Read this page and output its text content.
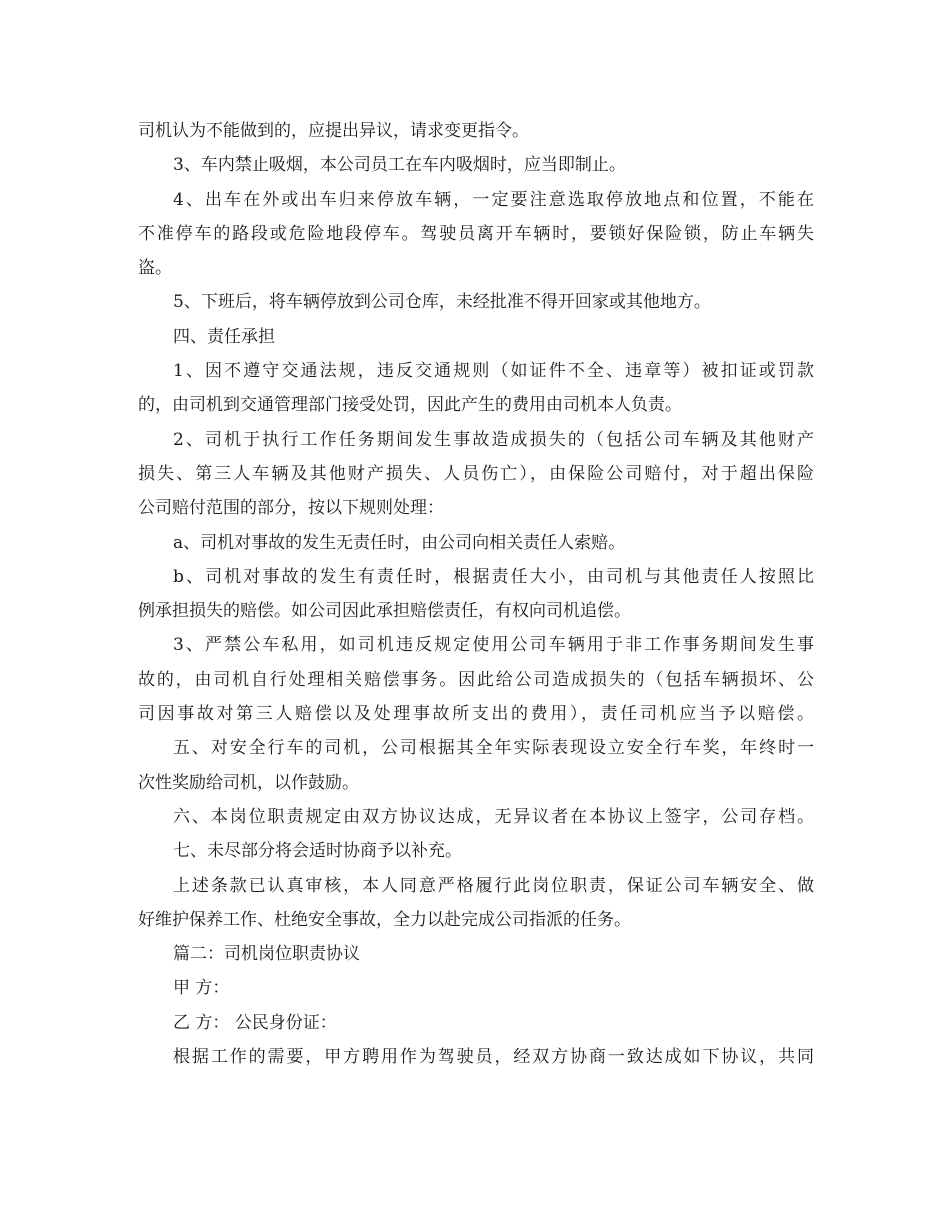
司机认为不能做到的，应提出异议，请求变更指令。
3、车内禁止吸烟，本公司员工在车内吸烟时，应当即制止。
4、出车在外或出车归来停放车辆，一定要注意选取停放地点和位置，不能在
不准停车的路段或危险地段停车。驾驶员离开车辆时，要锁好保险锁，防止车辆失
盗。
5、下班后，将车辆停放到公司仓库，未经批准不得开回家或其他地方。
四、责任承担
1、因不遵守交通法规，违反交通规则（如证件不全、违章等）被扣证或罚款
的，由司机到交通管理部门接受处罚，因此产生的费用由司机本人负责。
2、司机于执行工作任务期间发生事故造成损失的（包括公司车辆及其他财产
损失、第三人车辆及其他财产损失、人员伤亡），由保险公司赔付，对于超出保险
公司赔付范围的部分，按以下规则处理：
a、司机对事故的发生无责任时，由公司向相关责任人索赔。
b、司机对事故的发生有责任时，根据责任大小，由司机与其他责任人按照比
例承担损失的赔偿。如公司因此承担赔偿责任，有权向司机追偿。
3、严禁公车私用，如司机违反规定使用公司车辆用于非工作事务期间发生事
故的，由司机自行处理相关赔偿事务。因此给公司造成损失的（包括车辆损坏、公
司因事故对第三人赔偿以及处理事故所支出的费用），责任司机应当予以赔偿。
五、对安全行车的司机，公司根据其全年实际表现设立安全行车奖，年终时一
次性奖励给司机，以作鼓励。
六、本岗位职责规定由双方协议达成，无异议者在本协议上签字，公司存档。
七、未尽部分将会适时协商予以补充。
上述条款已认真审核，本人同意严格履行此岗位职责，保证公司车辆安全、做
好维护保养工作、杜绝安全事故，全力以赴完成公司指派的任务。
篇二：司机岗位职责协议
甲 方：
乙 方： 公民身份证：
根据工作的需要，甲方聘用作为驾驶员，经双方协商一致达成如下协议，共同
